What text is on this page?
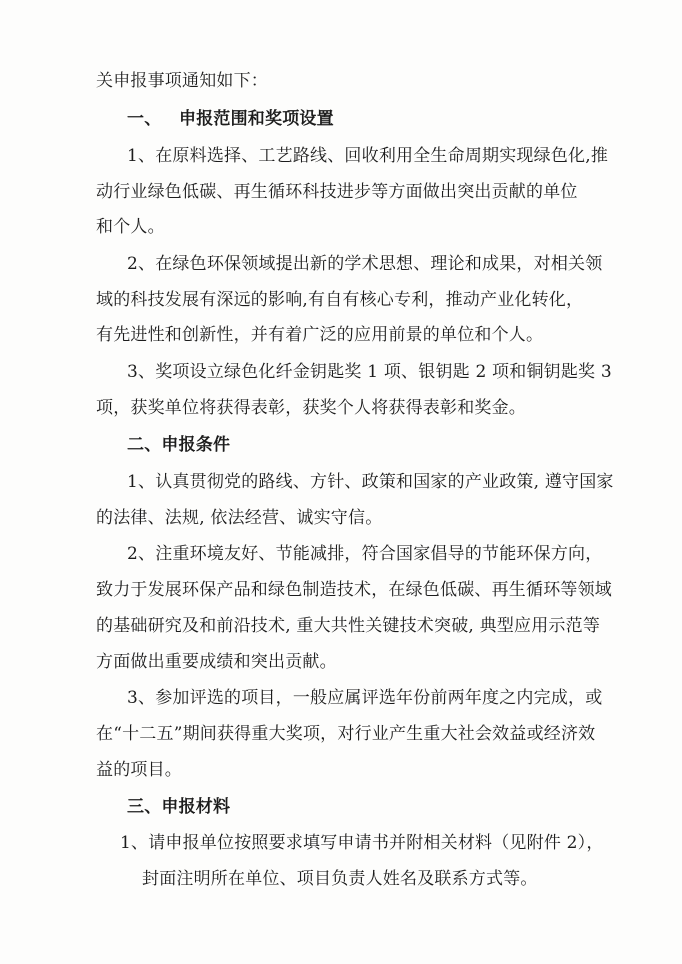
关申报事项通知如下：
一、 申报范围和奖项设置
1、在原料选择、工艺路线、回收利用全生命周期实现绿色化,推
动行业绿色低碳、再生循环科技进步等方面做出突出贡献的单位
和个人。
2、在绿色环保领域提出新的学术思想、理论和成果，对相关领
域的科技发展有深远的影响,有自有核心专利，推动产业化转化，
有先进性和创新性，并有着广泛的应用前景的单位和个人。
3、奖项设立绿色化纤金钥匙奖 1 项、银钥匙 2 项和铜钥匙奖 3
项，获奖单位将获得表彰，获奖个人将获得表彰和奖金。
二、申报条件
1、认真贯彻党的路线、方针、政策和国家的产业政策, 遵守国家
的法律、法规, 依法经营、诚实守信。
2、注重环境友好、节能减排，符合国家倡导的节能环保方向，
致力于发展环保产品和绿色制造技术，在绿色低碳、再生循环等领域
的基础研究及和前沿技术, 重大共性关键技术突破, 典型应用示范等
方面做出重要成绩和突出贡献。
3、参加评选的项目，一般应属评选年份前两年度之内完成，或
在“十二五”期间获得重大奖项，对行业产生重大社会效益或经济效
益的项目。
三、申报材料
1、请申报单位按照要求填写申请书并附相关材料（见附件 2），
封面注明所在单位、项目负责人姓名及联系方式等。
